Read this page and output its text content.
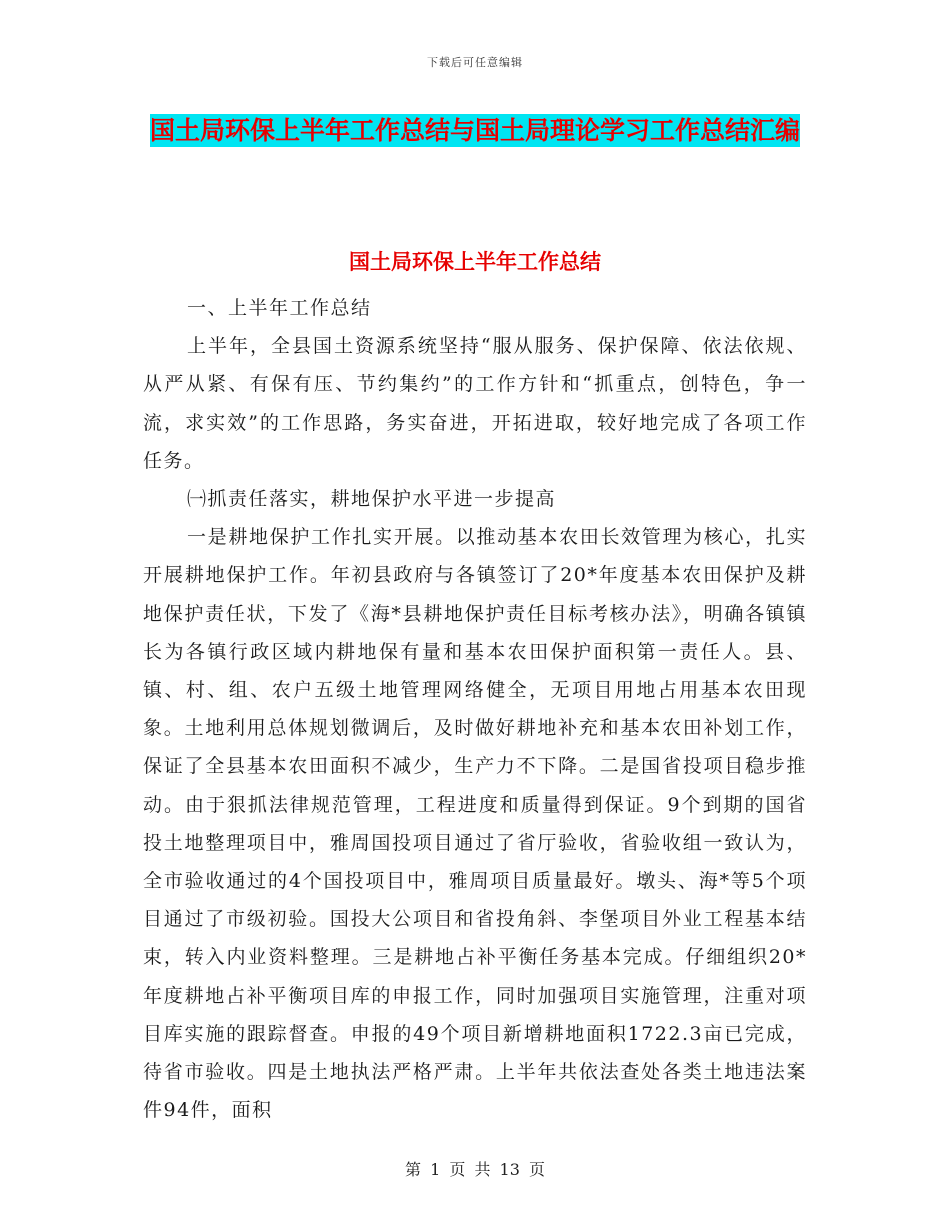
下载后可任意编辑
国土局环保上半年工作总结与国土局理论学习工作总结汇编
国土局环保上半年工作总结

一、上半年工作总结

上半年，全县国土资源系统坚持“服从服务、保护保障、依法依规、从严从紧、有保有压、节约集约”的工作方针和“抓重点，创特色，争一流，求实效”的工作思路，务实奋进，开拓进取，较好地完成了各项工作任务。

㈠抓责任落实，耕地保护水平进一步提高

一是耕地保护工作扎实开展。以推动基本农田长效管理为核心，扎实开展耕地保护工作。年初县政府与各镇签订了20*年度基本农田保护及耕地保护责任状，下发了《海*县耕地保护责任目标考核办法》，明确各镇镇长为各镇行政区域内耕地保有量和基本农田保护面积第一责任人。县、镇、村、组、农户五级土地管理网络健全，无项目用地占用基本农田现象。土地利用总体规划微调后，及时做好耕地补充和基本农田补划工作，保证了全县基本农田面积不减少，生产力不下降。二是国省投项目稳步推动。由于狠抓法律规范管理，工程进度和质量得到保证。9个到期的国省投土地整理项目中，雅周国投项目通过了省厅验收，省验收组一致认为，全市验收通过的4个国投项目中，雅周项目质量最好。墩头、海*等5个项目通过了市级初验。国投大公项目和省投角斜、李堡项目外业工程基本结束，转入内业资料整理。三是耕地占补平衡任务基本完成。仔细组织20*年度耕地占补平衡项目库的申报工作，同时加强项目实施管理，注重对项目库实施的跟踪督查。申报的49个项目新增耕地面积1722.3亩已完成，待省市验收。四是土地执法严格严肃。上半年共依法查处各类土地违法案件94件，面积

第 1 页 共 13 页
